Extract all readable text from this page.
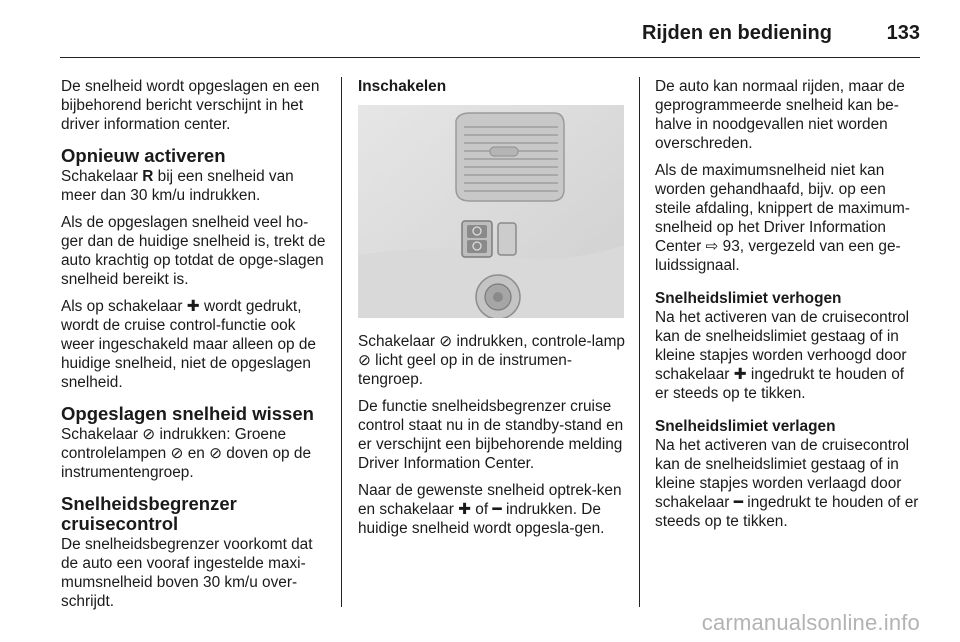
Rijden en bediening	133

De snelheid wordt opgeslagen en een bijbehorend bericht verschijnt in het driver information center.

Opnieuw activeren

Schakelaar R bij een snelheid van meer dan 30 km/u indrukken.

Als de opgeslagen snelheid veel ho-ger dan de huidige snelheid is, trekt de auto krachtig op totdat de opge-slagen snelheid bereikt is.

Als op schakelaar ✚ wordt gedrukt, wordt de cruise control-functie ook weer ingeschakeld maar alleen op de huidige snelheid, niet de opgeslagen snelheid.

Opgeslagen snelheid wissen

Schakelaar ⊘ indrukken: Groene controlelampen ⊘ en ⊘ doven op de instrumentengroep.

Snelheidsbegrenzer cruisecontrol

De snelheidsbegrenzer voorkomt dat de auto een vooraf ingestelde maxi-mumsnelheid boven 30 km/u over-schrijdt.

Inschakelen

Schakelaar ⊘ indrukken, controle-lamp ⊘ licht geel op in de instrumen-tengroep.

De functie snelheidsbegrenzer cruise control staat nu in de standby-stand en er verschijnt een bijbehorende melding Driver Information Center.

Naar de gewenste snelheid optrek-ken en schakelaar ✚ of ━ indrukken. De huidige snelheid wordt opgesla-gen.

De auto kan normaal rijden, maar de geprogrammeerde snelheid kan be-halve in noodgevallen niet worden overschreden.

Als de maximumsnelheid niet kan worden gehandhaafd, bijv. op een steile afdaling, knippert de maximum-snelheid op het Driver Information Center ⇨ 93, vergezeld van een ge-luidssignaal.

Snelheidslimiet verhogen

Na het activeren van de cruisecontrol kan de snelheidslimiet gestaag of in kleine stapjes worden verhoogd door schakelaar ✚ ingedrukt te houden of er steeds op te tikken.

Snelheidslimiet verlagen

Na het activeren van de cruisecontrol kan de snelheidslimiet gestaag of in kleine stapjes worden verlaagd door schakelaar ━ ingedrukt te houden of er steeds op te tikken.

carmanualsonline.info
